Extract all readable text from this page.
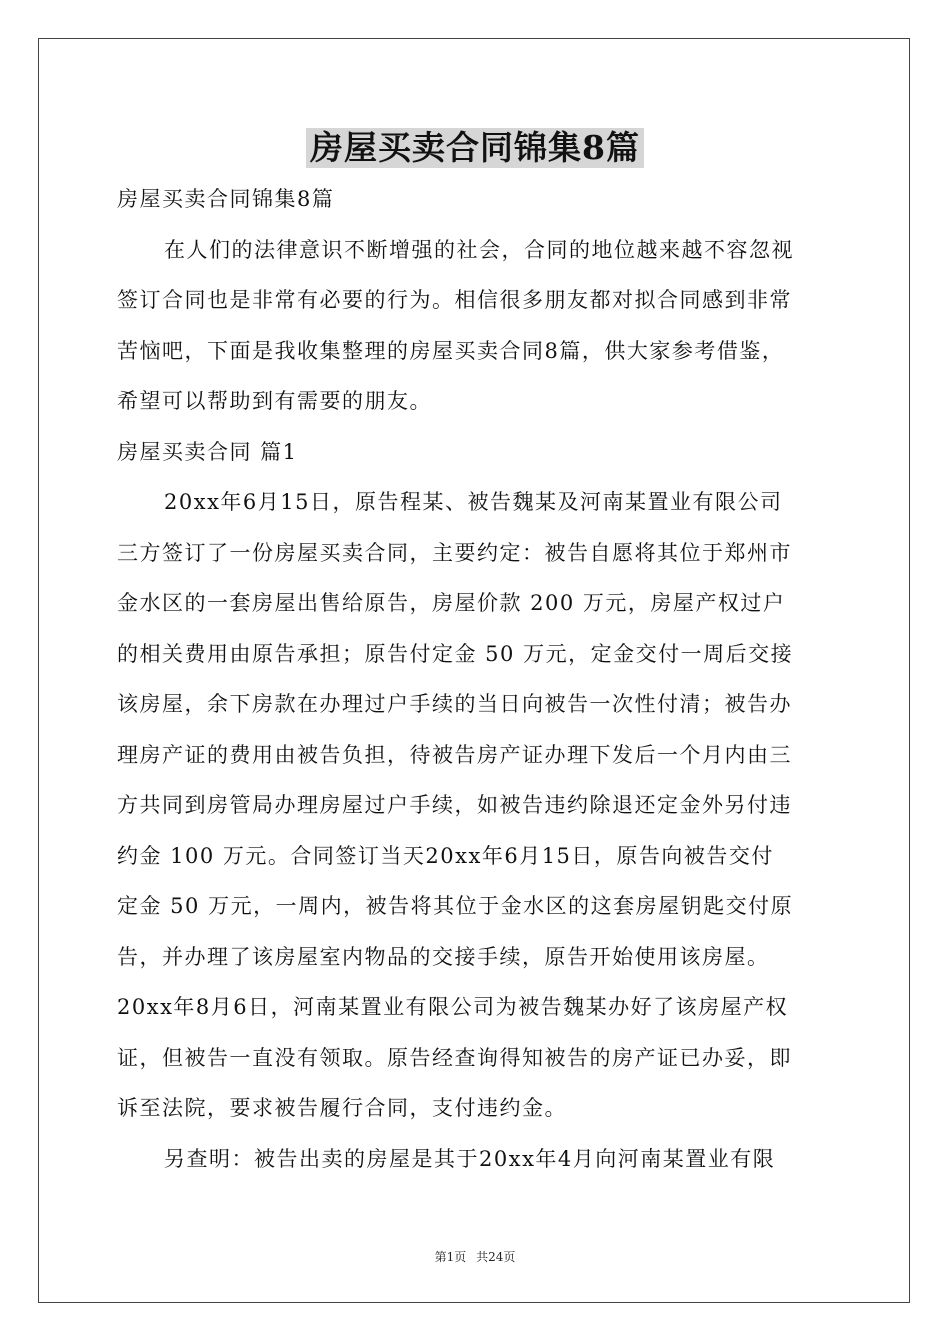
房屋买卖合同锦集8篇
房屋买卖合同锦集8篇
在人们的法律意识不断增强的社会，合同的地位越来越不容忽视
签订合同也是非常有必要的行为。相信很多朋友都对拟合同感到非常
苦恼吧，下面是我收集整理的房屋买卖合同8篇，供大家参考借鉴，
希望可以帮助到有需要的朋友。
房屋买卖合同 篇1
20xx年6月15日，原告程某、被告魏某及河南某置业有限公司
三方签订了一份房屋买卖合同，主要约定：被告自愿将其位于郑州市
金水区的一套房屋出售给原告，房屋价款 200 万元，房屋产权过户
的相关费用由原告承担；原告付定金 50 万元，定金交付一周后交接
该房屋，余下房款在办理过户手续的当日向被告一次性付清；被告办
理房产证的费用由被告负担，待被告房产证办理下发后一个月内由三
方共同到房管局办理房屋过户手续，如被告违约除退还定金外另付违
约金 100 万元。合同签订当天20xx年6月15日，原告向被告交付
定金 50 万元，一周内，被告将其位于金水区的这套房屋钥匙交付原
告，并办理了该房屋室内物品的交接手续，原告开始使用该房屋。
20xx年8月6日，河南某置业有限公司为被告魏某办好了该房屋产权
证，但被告一直没有领取。原告经查询得知被告的房产证已办妥，即
诉至法院，要求被告履行合同，支付违约金。
另查明：被告出卖的房屋是其于20xx年4月向河南某置业有限
第1页 共24页
